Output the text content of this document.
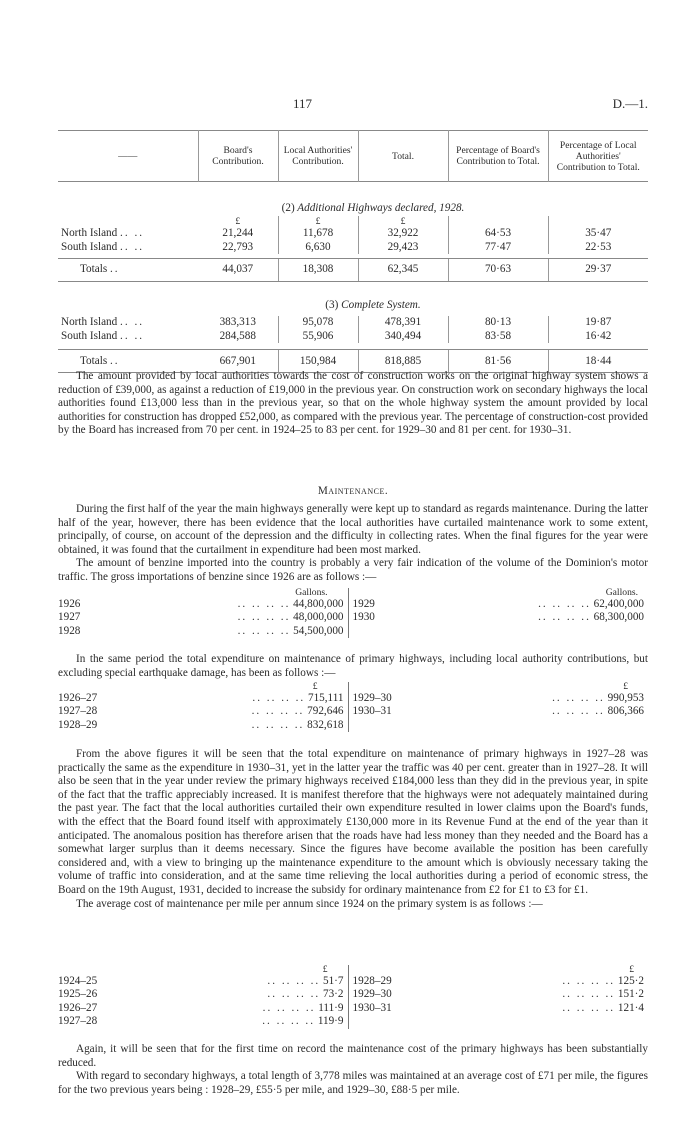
117	D.—1.
——	Board's Contribution.	Local Authorities' Contribution.	Total.	Percentage of Board's Contribution to Total.	Percentage of Local Authorities' Contribution to Total.

	(2) Additional Highways declared, 1928.				
	£	£	£		
North Island .. ..	21,244	11,678	32,922	64·53	35·47
South Island .. ..	22,793	6,630	29,423	77·47	22·53

Totals ..	44,037	18,308	62,345	70·63	29·37

	(3) Complete System.				

North Island .. ..	383,313	95,078	478,391	80·13	19·87
South Island .. ..	284,588	55,906	340,494	83·58	16·42

Totals ..	667,901	150,984	818,885	81·56	18·44

The amount provided by local authorities towards the cost of construction works on the original highway system shows a reduction of £39,000, as against a reduction of £19,000 in the previous year. On construction work on secondary highways the local authorities found £13,000 less than in the previous year, so that on the whole highway system the amount provided by local authorities for construction has dropped £52,000, as compared with the previous year. The percentage of construction-cost provided by the Board has increased from 70 per cent. in 1924–25 to 83 per cent. for 1929–30 and 81 per cent. for 1930–31.

Maintenance.

During the first half of the year the main highways generally were kept up to standard as regards maintenance. During the latter half of the year, however, there has been evidence that the local authorities have curtailed maintenance work to some extent, principally, of course, on account of the depression and the difficulty in collecting rates. When the final figures for the year were obtained, it was found that the curtailment in expenditure had been most marked.

The amount of benzine imported into the country is probably a very fair indication of the volume of the Dominion's motor traffic. The gross importations of benzine since 1926 are as follows :—

	Gallons.		Gallons.
1926	.. .. .. .. 44,800,000	1929	.. .. .. .. 62,400,000
1927	.. .. .. .. 48,000,000	1930	.. .. .. .. 68,300,000
1928	.. .. .. .. 54,500,000		

In the same period the total expenditure on maintenance of primary highways, including local authority contributions, but excluding special earthquake damage, has been as follows :—

	£		£
1926–27	.. .. .. .. 715,111	1929–30	.. .. .. .. 990,953
1927–28	.. .. .. .. 792,646	1930–31	.. .. .. .. 806,366
1928–29	.. .. .. .. 832,618		

From the above figures it will be seen that the total expenditure on maintenance of primary highways in 1927–28 was practically the same as the expenditure in 1930–31, yet in the latter year the traffic was 40 per cent. greater than in 1927–28. It will also be seen that in the year under review the primary highways received £184,000 less than they did in the previous year, in spite of the fact that the traffic appreciably increased. It is manifest therefore that the highways were not adequately maintained during the past year. The fact that the local authorities curtailed their own expenditure resulted in lower claims upon the Board's funds, with the effect that the Board found itself with approximately £130,000 more in its Revenue Fund at the end of the year than it anticipated. The anomalous position has therefore arisen that the roads have had less money than they needed and the Board has a somewhat larger surplus than it deems necessary. Since the figures have become available the position has been carefully considered and, with a view to bringing up the maintenance expenditure to the amount which is obviously necessary taking the volume of traffic into consideration, and at the same time relieving the local authorities during a period of economic stress, the Board on the 19th August, 1931, decided to increase the subsidy for ordinary maintenance from £2 for £1 to £3 for £1.

The average cost of maintenance per mile per annum since 1924 on the primary system is as follows :—

	£		£
1924–25	.. .. .. .. 51·7	1928–29	.. .. .. .. 125·2
1925–26	.. .. .. .. 73·2	1929–30	.. .. .. .. 151·2
1926–27	.. .. .. .. 111·9	1930–31	.. .. .. .. 121·4
1927–28	.. .. .. .. 119·9		

Again, it will be seen that for the first time on record the maintenance cost of the primary highways has been substantially reduced.

With regard to secondary highways, a total length of 3,778 miles was maintained at an average cost of £71 per mile, the figures for the two previous years being : 1928–29, £55·5 per mile, and 1929–30, £88·5 per mile.
